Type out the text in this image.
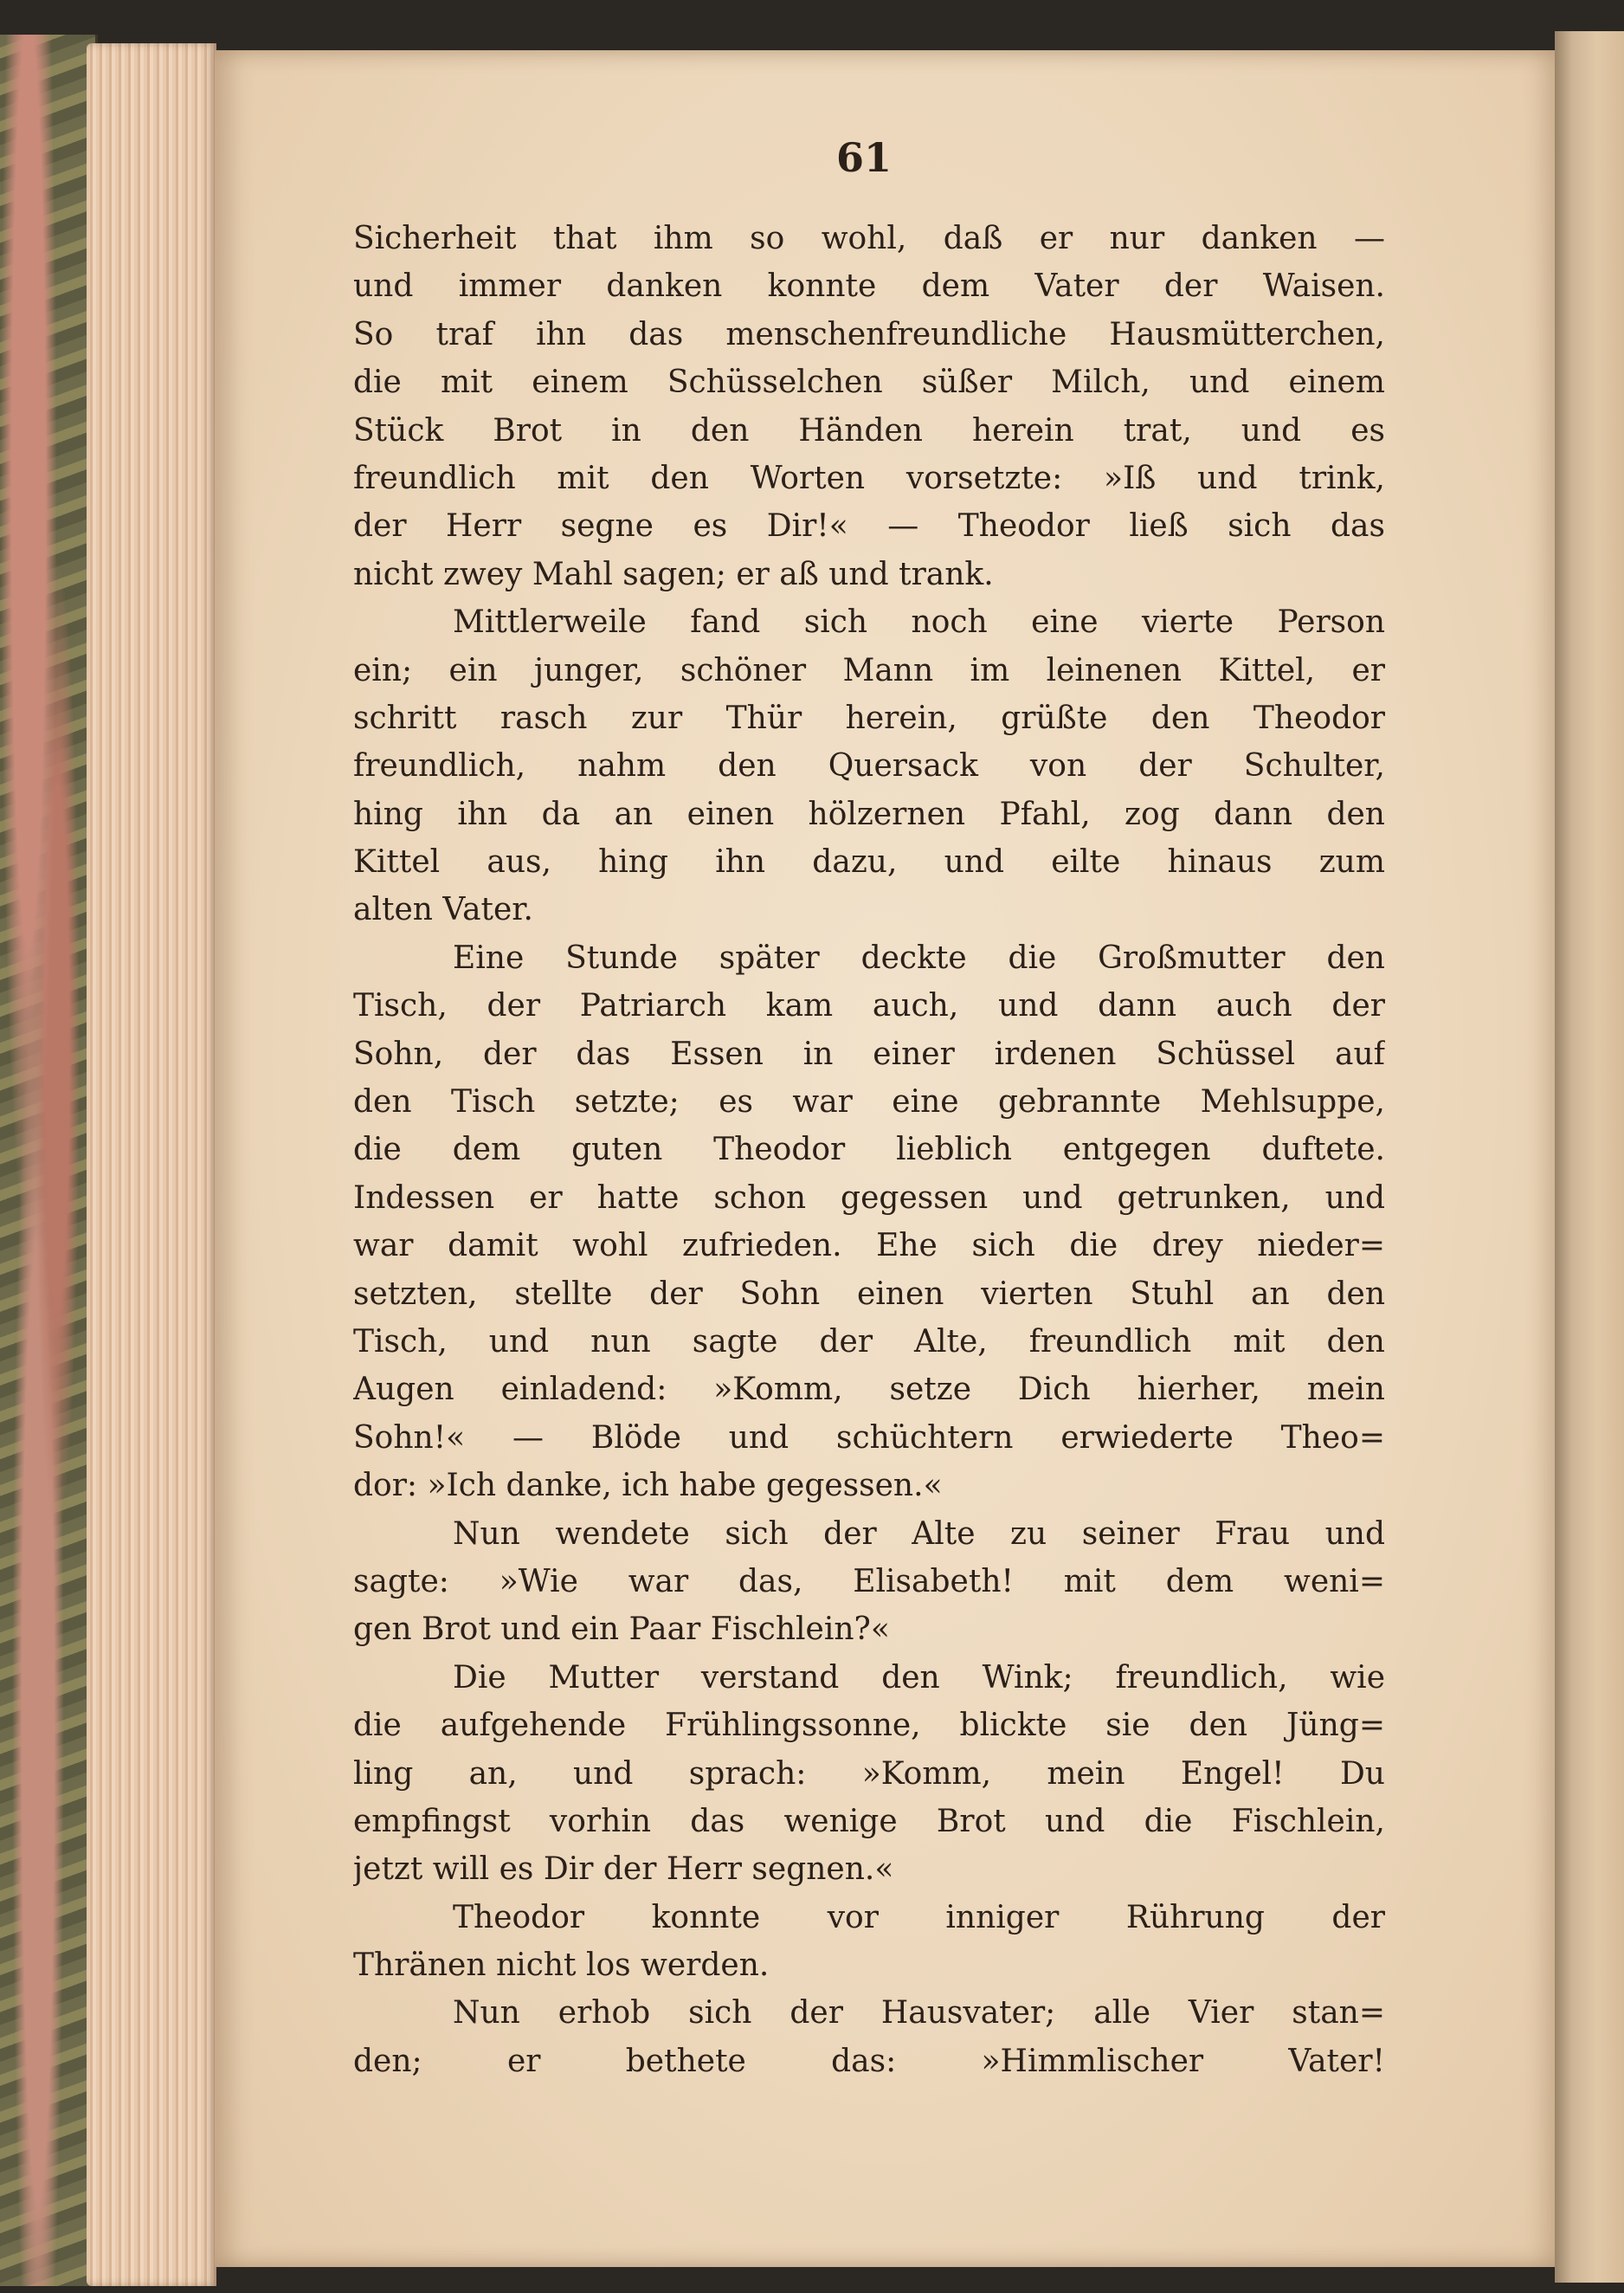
61
Sicherheit that ihm so wohl, daß er nur danken —
und immer danken konnte dem Vater der Waisen.
So traf ihn das menschenfreundliche Hausmütterchen,
die mit einem Schüsselchen süßer Milch, und einem
Stück Brot in den Händen herein trat, und es
freundlich mit den Worten vorsetzte: »Iß und trink,
der Herr segne es Dir!« — Theodor ließ sich das
nicht zwey Mahl sagen; er aß und trank.
Mittlerweile fand sich noch eine vierte Person
ein; ein junger, schöner Mann im leinenen Kittel, er
schritt rasch zur Thür herein, grüßte den Theodor
freundlich, nahm den Quersack von der Schulter,
hing ihn da an einen hölzernen Pfahl, zog dann den
Kittel aus, hing ihn dazu, und eilte hinaus zum
alten Vater.
Eine Stunde später deckte die Großmutter den
Tisch, der Patriarch kam auch, und dann auch der
Sohn, der das Essen in einer irdenen Schüssel auf
den Tisch setzte; es war eine gebrannte Mehlsuppe,
die dem guten Theodor lieblich entgegen duftete.
Indessen er hatte schon gegessen und getrunken, und
war damit wohl zufrieden. Ehe sich die drey nieder=
setzten, stellte der Sohn einen vierten Stuhl an den
Tisch, und nun sagte der Alte, freundlich mit den
Augen einladend: »Komm, setze Dich hierher, mein
Sohn!« — Blöde und schüchtern erwiederte Theo=
dor: »Ich danke, ich habe gegessen.«
Nun wendete sich der Alte zu seiner Frau und
sagte: »Wie war das, Elisabeth! mit dem weni=
gen Brot und ein Paar Fischlein?«
Die Mutter verstand den Wink; freundlich, wie
die aufgehende Frühlingssonne, blickte sie den Jüng=
ling an, und sprach: »Komm, mein Engel! Du
empfingst vorhin das wenige Brot und die Fischlein,
jetzt will es Dir der Herr segnen.«
Theodor konnte vor inniger Rührung der
Thränen nicht los werden.
Nun erhob sich der Hausvater; alle Vier stan=
den; er bethete das: »Himmlischer Vater!
